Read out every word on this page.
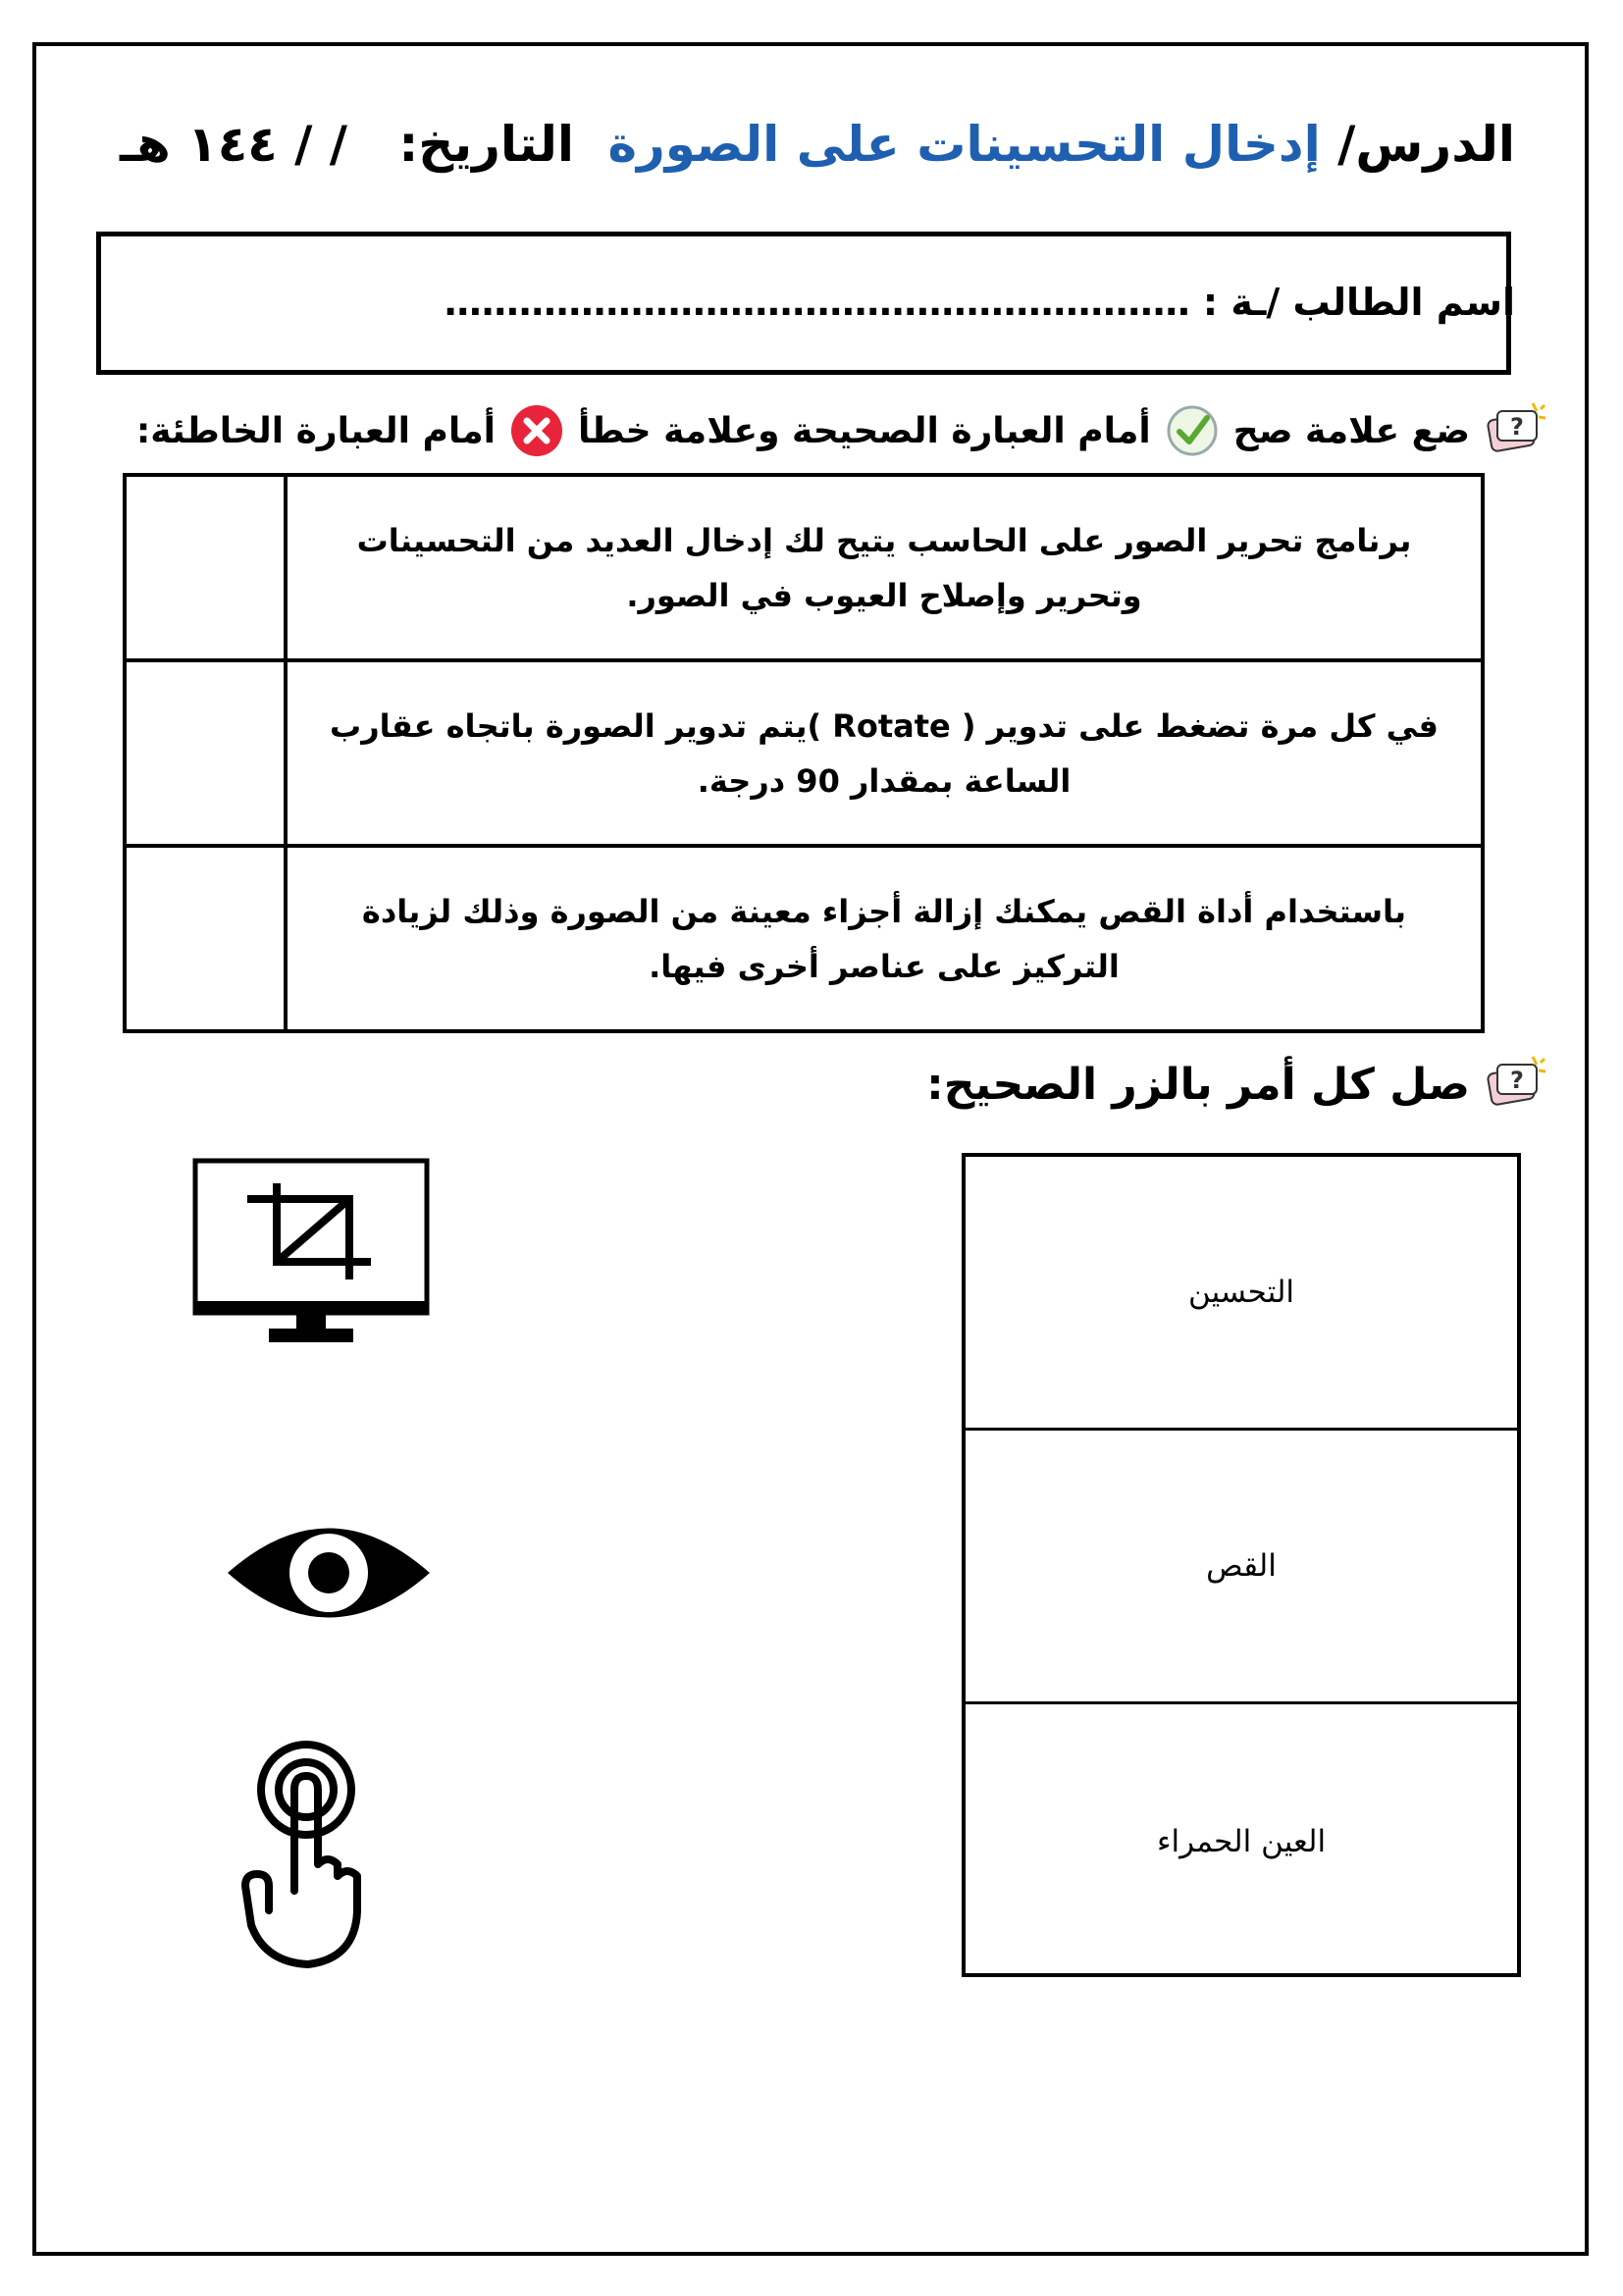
الدرس/ إدخال التحسينات على الصورة
التاريخ:   / / ١٤٤ هـ
اسم الطالب /ـة : ……………………………………………………
?
ضع علامة صح
أمام العبارة الصحيحة وعلامة خطأ
أمام العبارة الخاطئة:
برنامج تحرير الصور على الحاسب يتيح لك إدخال العديد من التحسينات وتحرير وإصلاح العيوب في الصور.	
في كل مرة تضغط على تدوير ( Rotate )يتم تدوير الصورة باتجاه عقارب الساعة بمقدار 90 درجة.	
باستخدام أداة القص يمكنك إزالة أجزاء معينة من الصورة وذلك لزيادة التركيز على عناصر أخرى فيها.	
?
صل كل أمر بالزر الصحيح:
التحسين
القص
العين الحمراء
